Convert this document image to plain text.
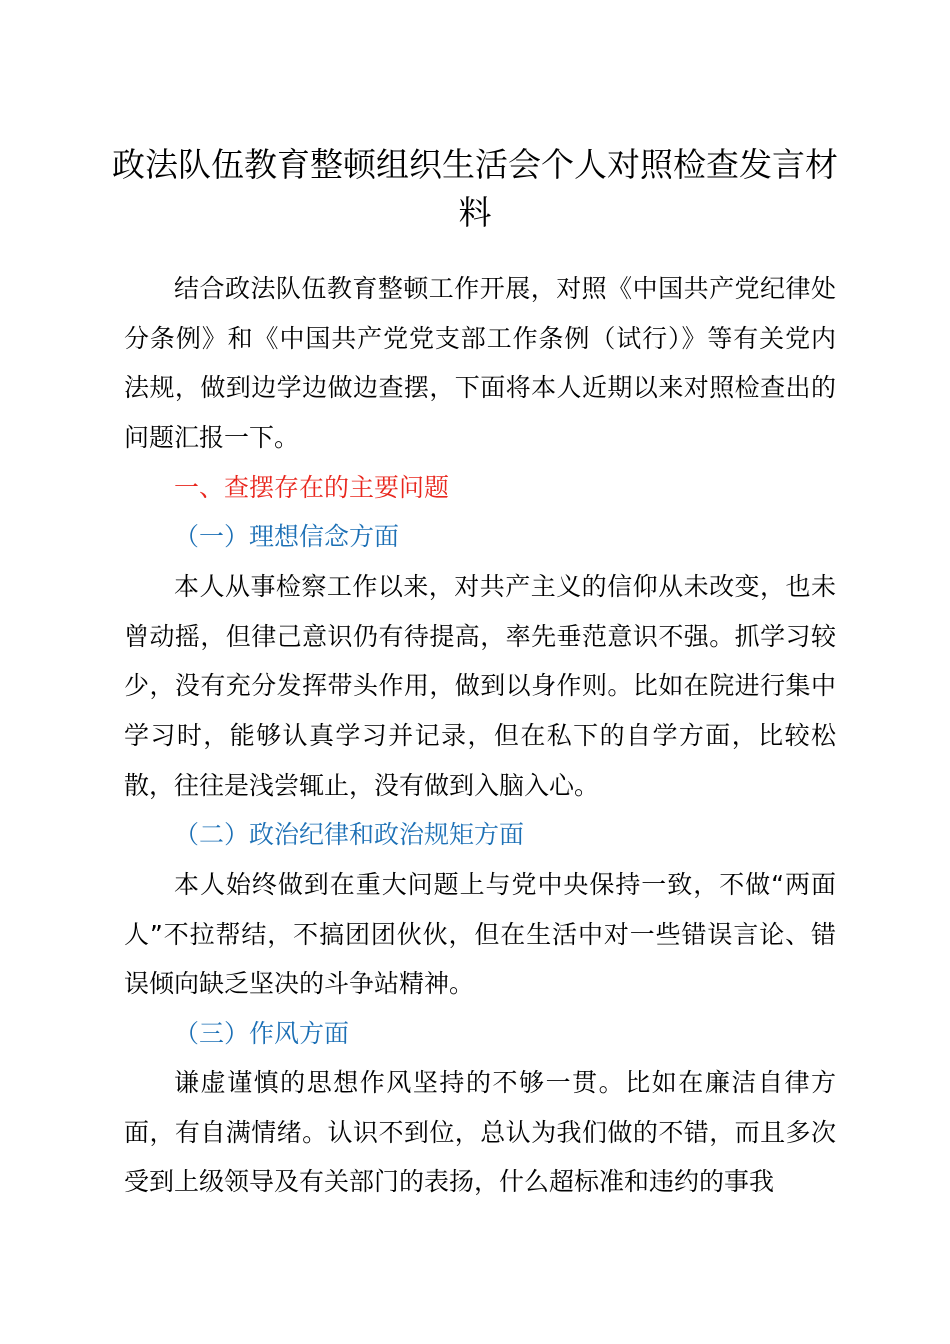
政法队伍教育整顿组织生活会个人对照检查发言材料

结合政法队伍教育整顿工作开展，对照《中国共产党纪律处分条例》和《中国共产党党支部工作条例（试行）》等有关党内法规，做到边学边做边查摆，下面将本人近期以来对照检查出的问题汇报一下。

一、查摆存在的主要问题
（一）理想信念方面

本人从事检察工作以来，对共产主义的信仰从未改变，也未曾动摇，但律己意识仍有待提高，率先垂范意识不强。抓学习较少，没有充分发挥带头作用，做到以身作则。比如在院进行集中学习时，能够认真学习并记录，但在私下的自学方面，比较松散，往往是浅尝辄止，没有做到入脑入心。

（二）政治纪律和政治规矩方面

本人始终做到在重大问题上与党中央保持一致，不做“两面人”不拉帮结，不搞团团伙伙，但在生活中对一些错误言论、错误倾向缺乏坚决的斗争站精神。

（三）作风方面

谦虚谨慎的思想作风坚持的不够一贯。比如在廉洁自律方面，有自满情绪。认识不到位，总认为我们做的不错，而且多次受到上级领导及有关部门的表扬，什么超标准和违约的事我
